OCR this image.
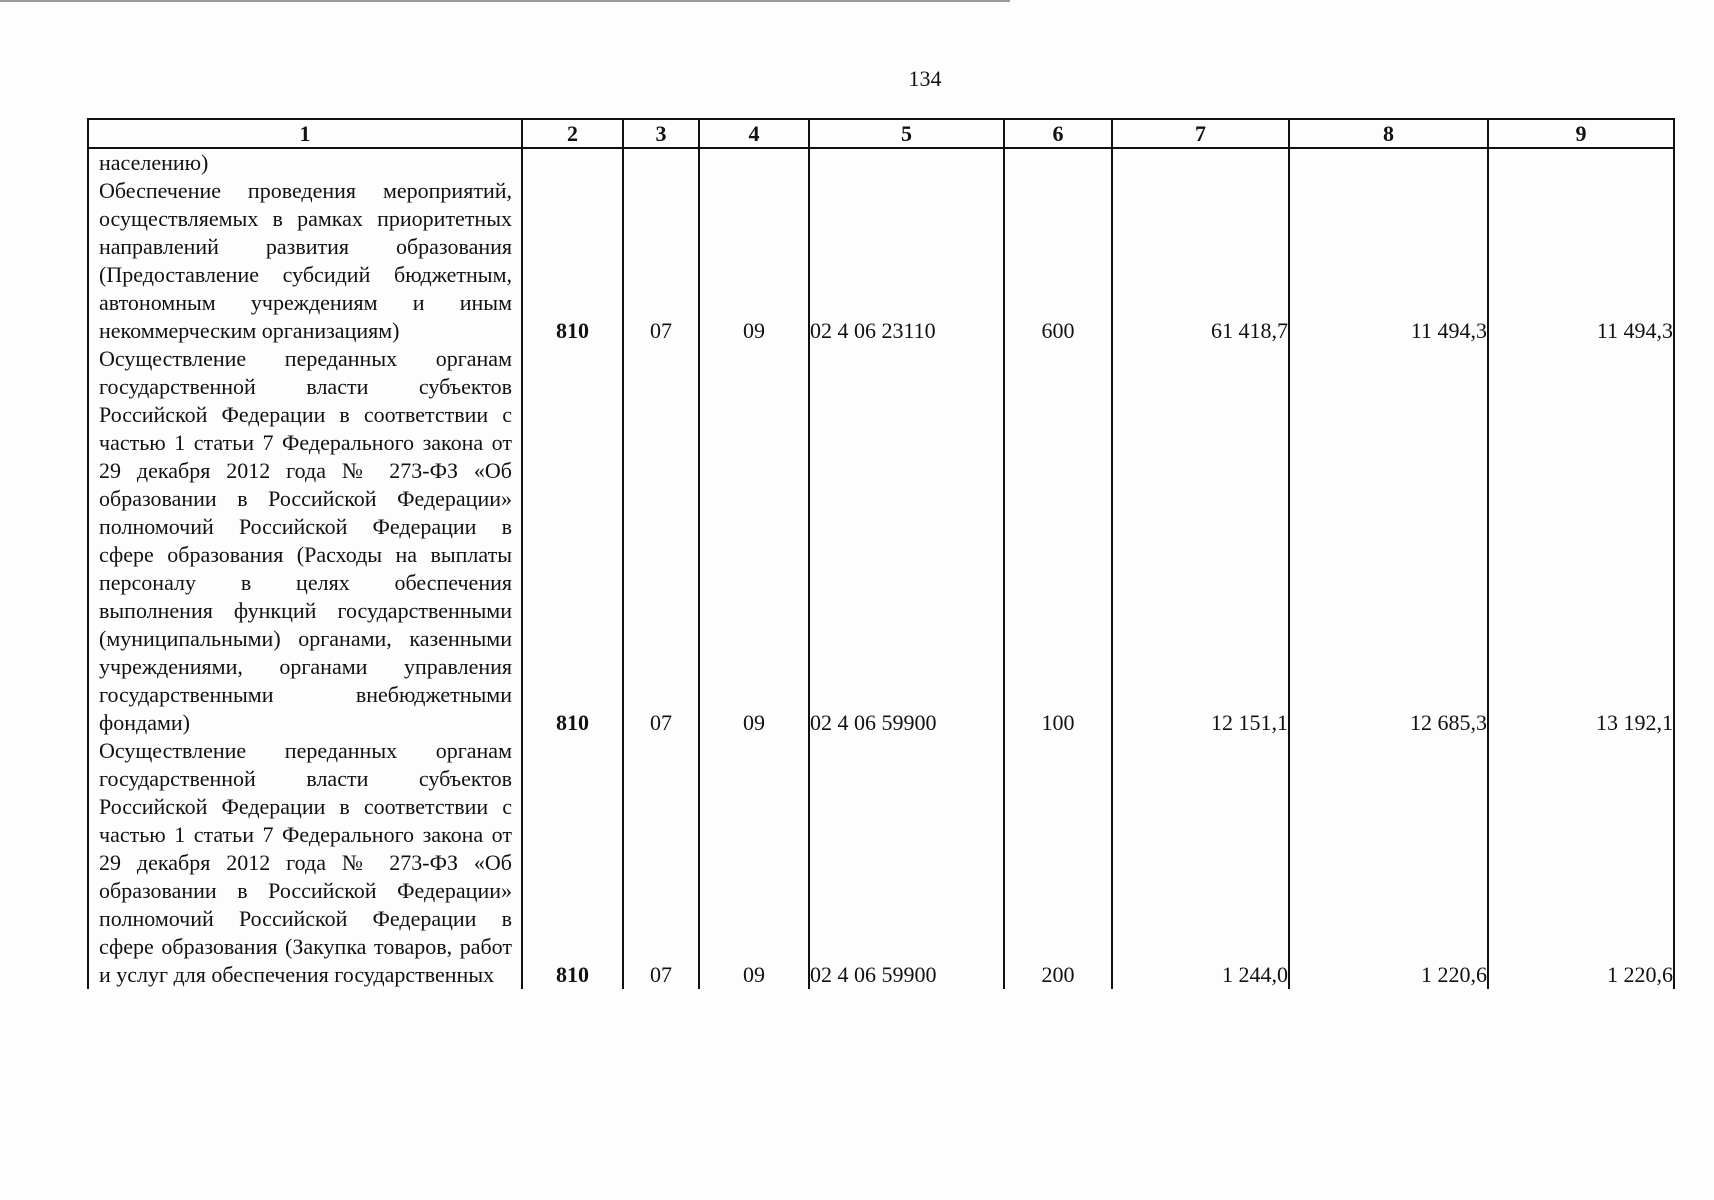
134
1	2	3	4	5	6	7	8	9
населению)								
Обеспечение проведения мероприятий, осуществляемых в рамках приоритетных направлений развития образования (Предоставление субсидий бюджетным, автономным учреждениям и иным некоммерческим организациям)	810	07	09	02 4 06 23110	600	61 418,7	11 494,3	11 494,3
Осуществление переданных органам государственной власти субъектов Российской Федерации в соответствии с частью 1 статьи 7 Федерального закона от 29 декабря 2012 года № 273-ФЗ «Об образовании в Российской Федерации» полномочий Российской Федерации в сфере образования (Расходы на выплаты персоналу в целях обеспечения выполнения функций государственными (муниципальными) органами, казенными учреждениями, органами управления государственными внебюджетными фондами)	810	07	09	02 4 06 59900	100	12 151,1	12 685,3	13 192,1
Осуществление переданных органам государственной власти субъектов Российской Федерации в соответствии с частью 1 статьи 7 Федерального закона от 29 декабря 2012 года № 273-ФЗ «Об образовании в Российской Федерации» полномочий Российской Федерации в сфере образования (Закупка товаров, работ и услуг для обеспечения государственных	810	07	09	02 4 06 59900	200	1 244,0	1 220,6	1 220,6
